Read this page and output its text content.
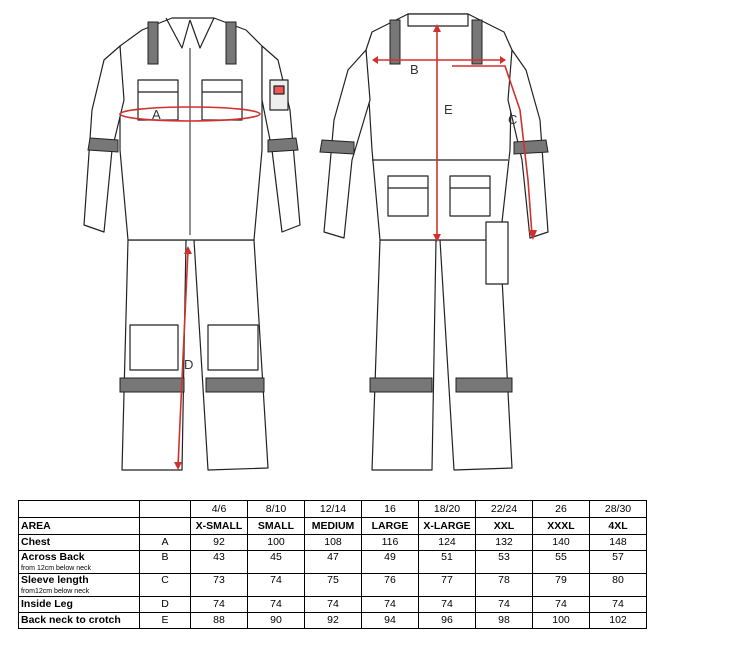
A
B
C
D
E
		4/6	8/10	12/14	16	18/20	22/24	26	28/30
AREA		X-SMALL	SMALL	MEDIUM	LARGE	X-LARGE	XXL	XXXL	4XL
Chest	A	92	100	108	116	124	132	140	148
Across Back
from 12cm below neck	B	43	45	47	49	51	53	55	57
Sleeve length
from12cm below neck	C	73	74	75	76	77	78	79	80
Inside Leg	D	74	74	74	74	74	74	74	74
Back neck to crotch	E	88	90	92	94	96	98	100	102
